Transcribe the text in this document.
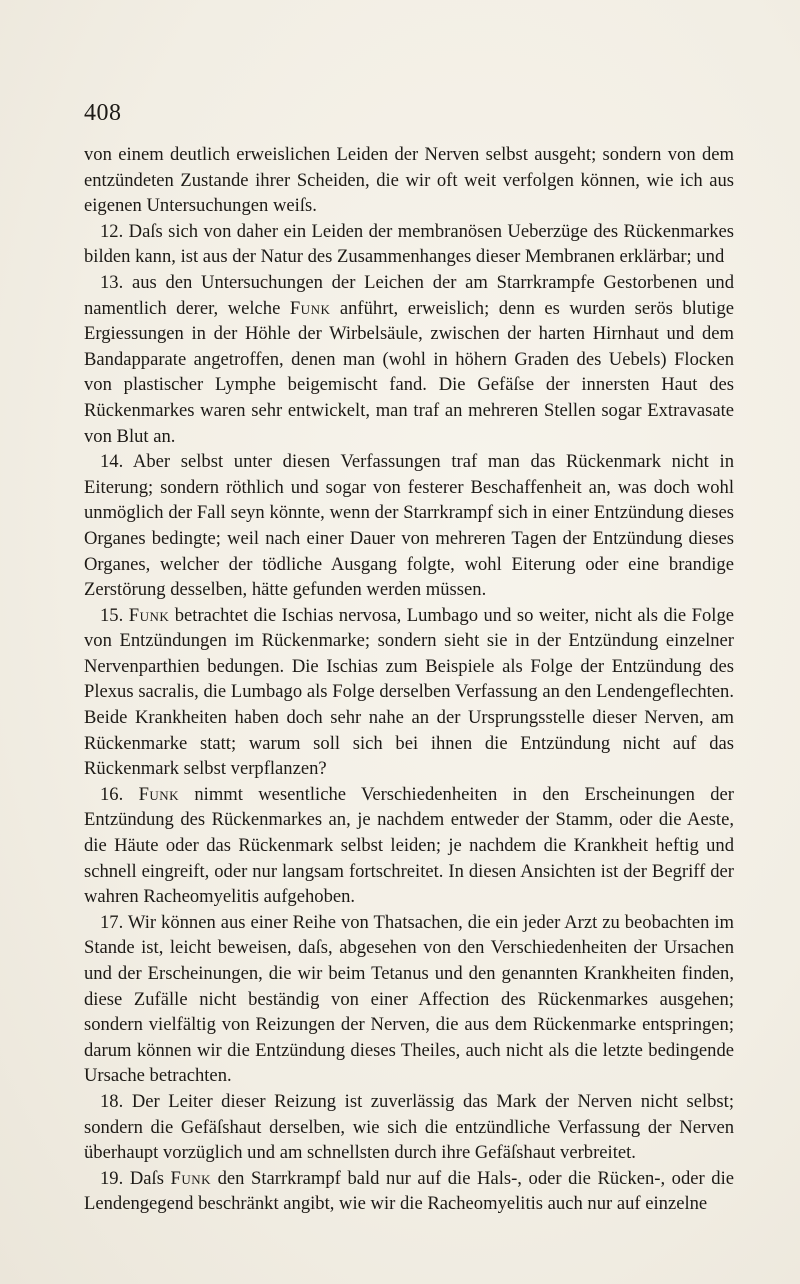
408

von einem deutlich erweislichen Leiden der Nerven selbst ausgeht; sondern von dem entzündeten Zustande ihrer Scheiden, die wir oft weit verfolgen können, wie ich aus eigenen Untersuchungen weiſs.

12. Daſs sich von daher ein Leiden der membranösen Ueberzüge des Rückenmarkes bilden kann, ist aus der Natur des Zusammenhanges dieser Membranen erklärbar; und

13. aus den Untersuchungen der Leichen der am Starrkrampfe Gestorbenen und namentlich derer, welche Funk anführt, erweislich; denn es wurden serös blutige Ergiessungen in der Höhle der Wirbelsäule, zwischen der harten Hirnhaut und dem Bandapparate angetroffen, denen man (wohl in höhern Graden des Uebels) Flocken von plastischer Lymphe beigemischt fand. Die Gefäſse der innersten Haut des Rückenmarkes waren sehr entwickelt, man traf an mehreren Stellen sogar Extravasate von Blut an.

14. Aber selbst unter diesen Verfassungen traf man das Rückenmark nicht in Eiterung; sondern röthlich und sogar von festerer Beschaffenheit an, was doch wohl unmöglich der Fall seyn könnte, wenn der Starrkrampf sich in einer Entzündung dieses Organes bedingte; weil nach einer Dauer von mehreren Tagen der Entzündung dieses Organes, welcher der tödliche Ausgang folgte, wohl Eiterung oder eine brandige Zerstörung desselben, hätte gefunden werden müssen.

15. Funk betrachtet die Ischias nervosa, Lumbago und so weiter, nicht als die Folge von Entzündungen im Rückenmarke; sondern sieht sie in der Entzündung einzelner Nervenparthien bedungen. Die Ischias zum Beispiele als Folge der Entzündung des Plexus sacralis, die Lumbago als Folge derselben Verfassung an den Lendengeflechten. Beide Krankheiten haben doch sehr nahe an der Ursprungsstelle dieser Nerven, am Rückenmarke statt; warum soll sich bei ihnen die Entzündung nicht auf das Rückenmark selbst verpflanzen?

16. Funk nimmt wesentliche Verschiedenheiten in den Erscheinungen der Entzündung des Rückenmarkes an, je nachdem entweder der Stamm, oder die Aeste, die Häute oder das Rückenmark selbst leiden; je nachdem die Krankheit heftig und schnell eingreift, oder nur langsam fortschreitet. In diesen Ansichten ist der Begriff der wahren Racheomyelitis aufgehoben.

17. Wir können aus einer Reihe von Thatsachen, die ein jeder Arzt zu beobachten im Stande ist, leicht beweisen, daſs, abgesehen von den Verschiedenheiten der Ursachen und der Erscheinungen, die wir beim Tetanus und den genannten Krankheiten finden, diese Zufälle nicht beständig von einer Affection des Rückenmarkes ausgehen; sondern vielfältig von Reizungen der Nerven, die aus dem Rückenmarke entspringen; darum können wir die Entzündung dieses Theiles, auch nicht als die letzte bedingende Ursache betrachten.

18. Der Leiter dieser Reizung ist zuverlässig das Mark der Nerven nicht selbst; sondern die Gefäſshaut derselben, wie sich die entzündliche Verfassung der Nerven überhaupt vorzüglich und am schnellsten durch ihre Gefäſshaut verbreitet.

19. Daſs Funk den Starrkrampf bald nur auf die Hals-, oder die Rücken-, oder die Lendengegend beschränkt angibt, wie wir die Racheomyelitis auch nur auf einzelne
